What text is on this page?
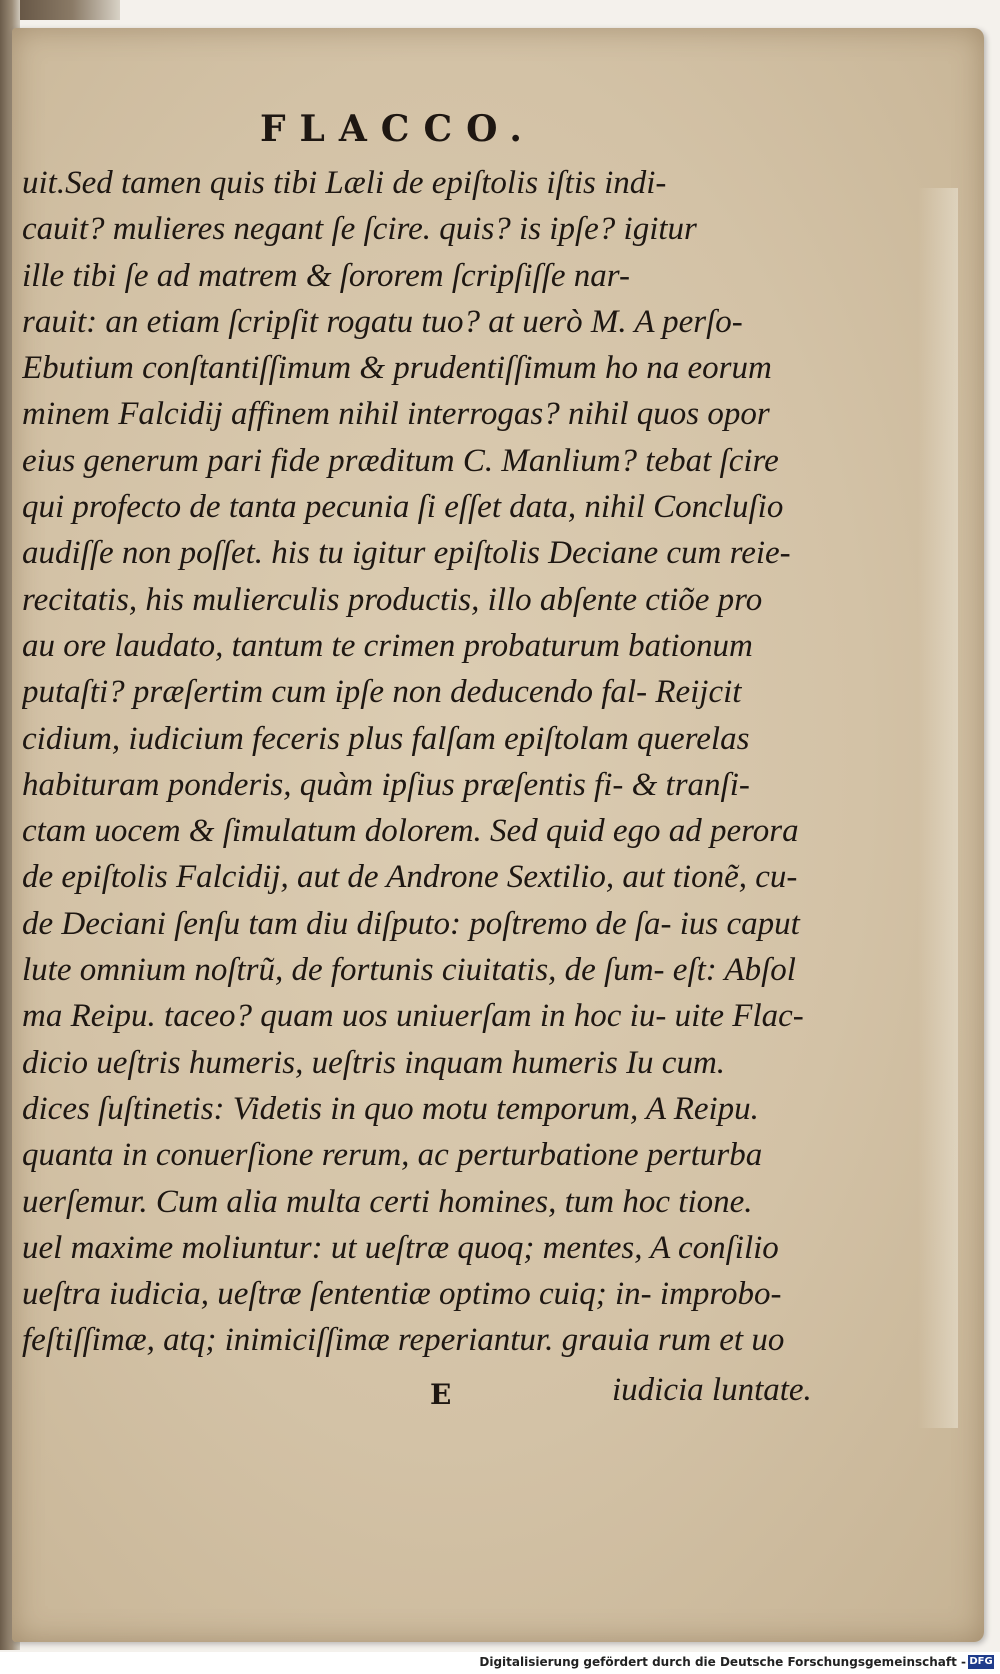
FLACCO.
uit.Sed tamen quis tibi Læli de epiſtolis iſtis indi-
cauit? mulieres negant ſe ſcire. quis? is ipſe? igitur
ille tibi ſe ad matrem & ſororem ſcripſiſſe nar-
rauit: an etiam ſcripſit rogatu tuo? at uerò M. A perſo-
Ebutium conſtantiſſimum & prudentiſſimum ho na eorum
minem Falcidij affinem nihil interrogas? nihil quos opor
eius generum pari fide præditum C. Manlium? tebat ſcire
qui profecto de tanta pecunia ſi eſſet data, nihil Concluſio
audiſſe non poſſet. his tu igitur epiſtolis Deciane cum reie-
recitatis, his mulierculis productis, illo abſente ctiõe pro
au ore laudato, tantum te crimen probaturum bationum
putaſti? præſertim cum ipſe non deducendo fal- Reijcit
cidium, iudicium feceris plus falſam epiſtolam querelas
habituram ponderis, quàm ipſius præſentis fi- & tranſi-
ctam uocem & ſimulatum dolorem. Sed quid ego ad perora
de epiſtolis Falcidij, aut de Androne Sextilio, aut tionẽ, cu-
de Deciani ſenſu tam diu diſputo: poſtremo de ſa- ius caput
lute omnium noſtrũ, de fortunis ciuitatis, de ſum- eſt: Abſol
ma Reipu. taceo? quam uos uniuerſam in hoc iu- uite Flac-
dicio ueſtris humeris, ueſtris inquam humeris Iu cum.
dices ſuſtinetis: Videtis in quo motu temporum, A Reipu.
quanta in conuerſione rerum, ac perturbatione perturba
uerſemur. Cum alia multa certi homines, tum hoc tione.
uel maxime moliuntur: ut ueſtræ quoq; mentes, A conſilio
ueſtra iudicia, ueſtræ ſententiæ optimo cuiq; in- improbo-
feſtiſſimæ, atq; inimiciſſimæ reperiantur. grauia rum et uo
E	iudicia luntate.
Digitalisierung gefördert durch die Deutsche Forschungsgemeinschaft - DFG
